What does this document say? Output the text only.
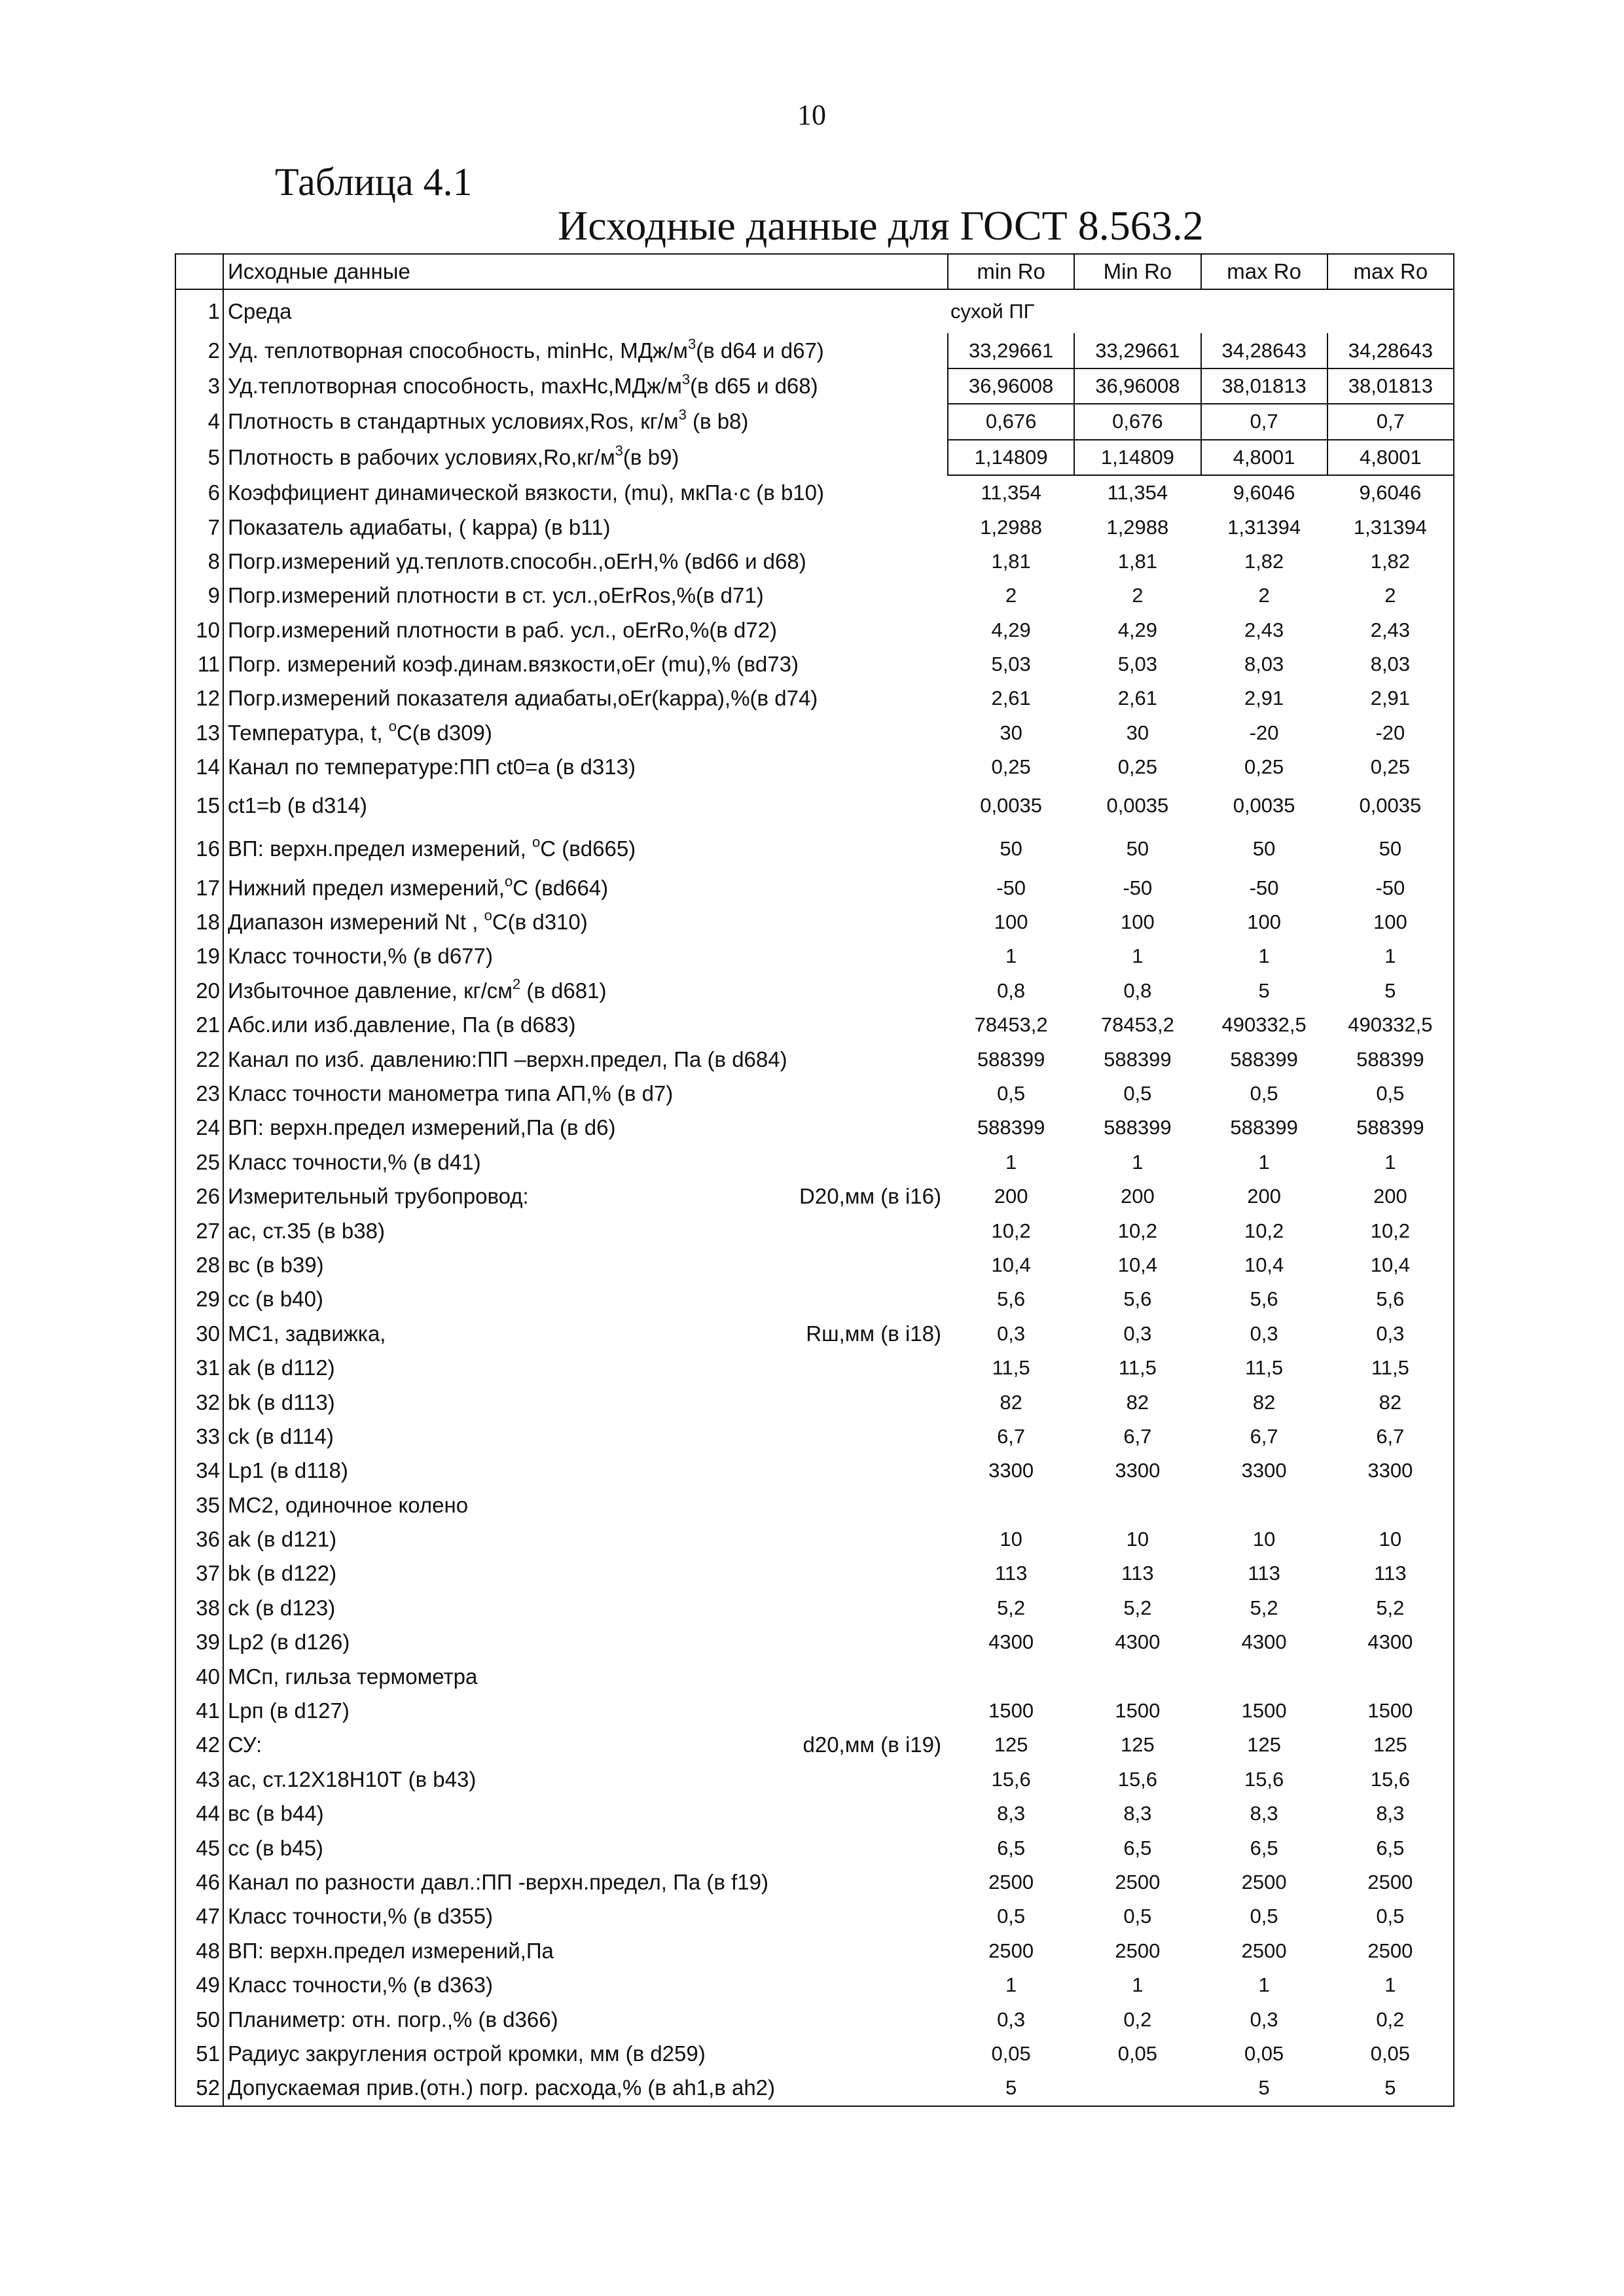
10
Таблица 4.1
Исходные данные для ГОСТ 8.563.2
	Исходные данные	min Ro	Min Ro	max Ro	max Ro
1	Среда	сухой ПГ			
2	Уд. теплотворная способность, minHc, МДж/$м^3(в$ d64 и d67)	33,29661	33,29661	34,28643	34,28643
3	Уд.теплотворная способность, $maxHc,МДж/м^3(в$ d65 и d68)	36,96008	36,96008	38,01813	38,01813
4	Плотность в стандартных условиях,Ros, $кг/м^3$ (в b8)	0,676	0,676	0,7	0,7
5	Плотность в рабочих $условиях,Ro,кг/м^3(в$ b9)	1,14809	1,14809	4,8001	4,8001
6	Коэффициент динамической вязкости, (mu), мкПа·с (в b10)	11,354	11,354	9,6046	9,6046
7	Показатель адиабаты, ( kappa) (в b11)	1,2988	1,2988	1,31394	1,31394
8	Погр.измерений уд.теплотв.способн.,oErH,% (вd66 и d68)	1,81	1,81	1,82	1,82
9	Погр.измерений плотности в ст. усл.,oErRos,%(в d71)	2	2	2	2
10	Погр.измерений плотности в раб. усл., oErRo,%(в d72)	4,29	4,29	2,43	2,43
11	Погр. измерений коэф.динам.вязкости,oEr (mu),% (вd73)	5,03	5,03	8,03	8,03
12	Погр.измерений показателя адиабаты,oEr(kappa),%(в d74)	2,61	2,61	2,91	2,91
13	Температура, t, $^o$C(в d309)	30	30	-20	-20
14	Канал по температуре:ПП ct0=a (в d313)	0,25	0,25	0,25	0,25
15	ct1=b (в d314)	0,0035	0,0035	0,0035	0,0035
16	ВП: верхн.предел измерений, $^o$C (вd665)	50	50	50	50
17	Нижний предел измерений,$^o$C (вd664)	-50	-50	-50	-50
18	Диапазон измерений Nt , $^o$C(в d310)	100	100	100	100
19	Класс точности,% (в d677)	1	1	1	1
20	Избыточное давление, $кг/см^2$ (в d681)	0,8	0,8	5	5
21	Абс.или изб.давление, Па (в d683)	78453,2	78453,2	490332,5	490332,5
22	Канал по изб. давлению:ПП –верхн.предел, Па (в d684)	588399	588399	588399	588399
23	Класс точности манометра типа АП,% (в d7)	0,5	0,5	0,5	0,5
24	ВП: верхн.предел измерений,Па (в d6)	588399	588399	588399	588399
25	Класс точности,% (в d41)	1	1	1	1
26	Измерительный трубопровод: D20,мм (в i16)	200	200	200	200
27	ac, ст.35 (в b38)	10,2	10,2	10,2	10,2
28	вс (в b39)	10,4	10,4	10,4	10,4
29	cc (в b40)	5,6	5,6	5,6	5,6
30	МС1, задвижка, Rш,мм (в i18)	0,3	0,3	0,3	0,3
31	ak (в d112)	11,5	11,5	11,5	11,5
32	bk (в d113)	82	82	82	82
33	ck (в d114)	6,7	6,7	6,7	6,7
34	Lp1 (в d118)	3300	3300	3300	3300
35	МС2, одиночное колено				

36	ak (в d121)	10	10	10	10
37	bk (в d122)	113	113	113	113
38	ck (в d123)	5,2	5,2	5,2	5,2
39	Lp2 (в d126)	4300	4300	4300	4300
40	МСп, гильза термометра				

41	Lpп (в d127)	1500	1500	1500	1500
42	СУ: d20,мм (в i19)	125	125	125	125
43	ac, ст.12Х18Н10Т (в b43)	15,6	15,6	15,6	15,6
44	вс (в b44)	8,3	8,3	8,3	8,3
45	cc (в b45)	6,5	6,5	6,5	6,5
46	Канал по разности давл.:ПП -верхн.предел, Па (в f19)	2500	2500	2500	2500
47	Класс точности,% (в d355)	0,5	0,5	0,5	0,5
48	ВП: верхн.предел измерений,Па	2500	2500	2500	2500
49	Класс точности,% (в d363)	1	1	1	1
50	Планиметр: отн. погр.,% (в d366)	0,3	0,2	0,3	0,2
51	Радиус закругления острой кромки, мм (в d259)	0,05	0,05	0,05	0,05
52	Допускаемая прив.(отн.) погр. расхода,% (в ah1,в ah2)	5		5	5
